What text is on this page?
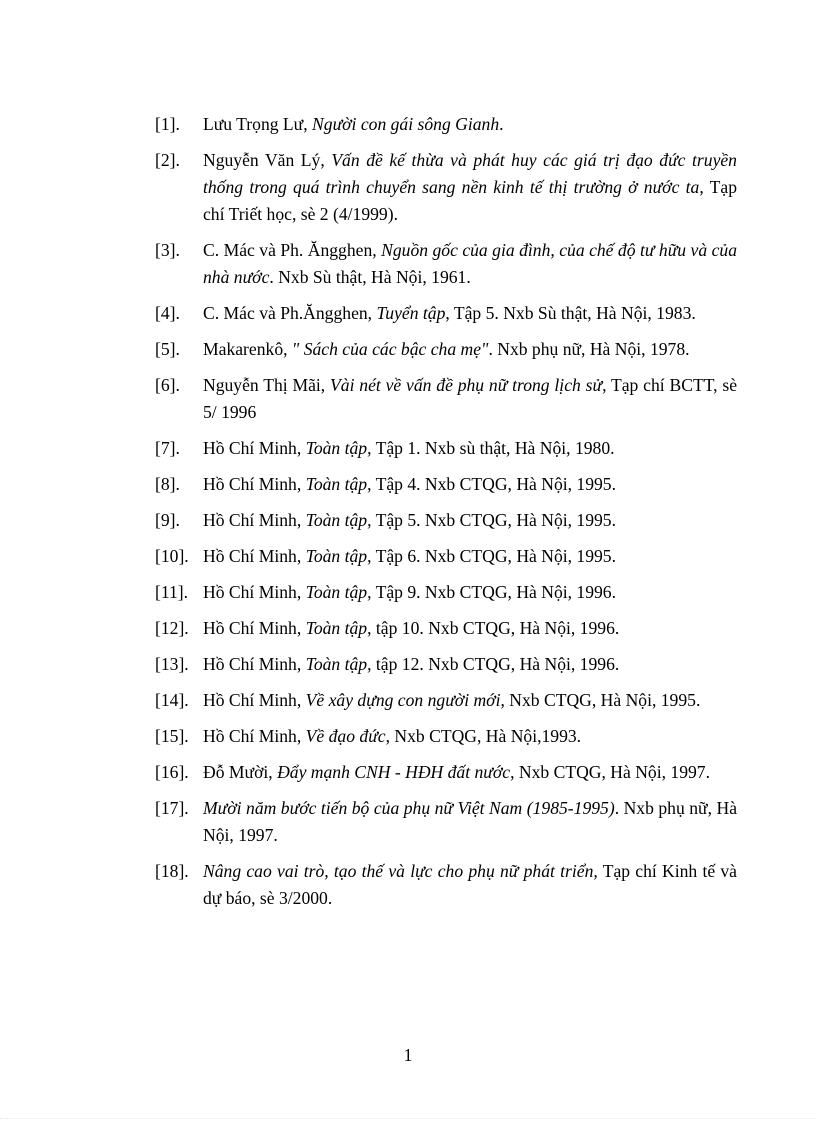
[1].	Lưu Trọng Lư, Người con gái sông Gianh.
[2].	Nguyễn Văn Lý, Vấn đề kế thừa và phát huy các giá trị đạo đức truyền thống trong quá trình chuyển sang nền kinh tế thị trường ở nước ta, Tạp chí Triết học, sè 2 (4/1999).
[3].	C. Mác và Ph. Ăngghen, Nguồn gốc của gia đình, của chế độ tư hữu và của nhà nước. Nxb Sù thật, Hà Nội, 1961.
[4].	C. Mác và Ph.Ăngghen, Tuyển tập, Tập 5. Nxb Sù thật, Hà Nội, 1983.
[5].	Makarenkô, " Sách của các bậc cha mẹ". Nxb phụ nữ, Hà Nội, 1978.
[6].	Nguyễn Thị Mãi, Vài nét về vấn đề phụ nữ trong lịch sử, Tạp chí BCTT, sè 5/ 1996
[7].	Hồ Chí Minh, Toàn tập, Tập 1. Nxb sù thật, Hà Nội, 1980.
[8].	Hồ Chí Minh, Toàn tập, Tập 4. Nxb CTQG, Hà Nội, 1995.
[9].	Hồ Chí Minh, Toàn tập, Tập 5. Nxb CTQG, Hà Nội, 1995.
[10]. Hồ Chí Minh, Toàn tập, Tập 6. Nxb CTQG, Hà Nội, 1995.
[11]. Hồ Chí Minh, Toàn tập, Tập 9. Nxb CTQG, Hà Nội, 1996.
[12]. Hồ Chí Minh, Toàn tập, tập 10. Nxb CTQG, Hà Nội, 1996.
[13]. Hồ Chí Minh, Toàn tập, tập 12. Nxb CTQG, Hà Nội, 1996.
[14]. Hồ Chí Minh, Về xây dựng con người mới, Nxb CTQG, Hà Nội, 1995.
[15]. Hồ Chí Minh, Về đạo đức, Nxb CTQG, Hà Nội,1993.
[16]. Đỗ Mười, Đẩy mạnh CNH - HĐH đất nước, Nxb CTQG, Hà Nội, 1997.
[17]. Mười năm bước tiến bộ của phụ nữ Việt Nam (1985-1995). Nxb phụ nữ, Hà Nội, 1997.
[18]. Nâng cao vai trò, tạo thế và lực cho phụ nữ phát triển, Tạp chí Kinh tế và dự báo, sè 3/2000.
1
